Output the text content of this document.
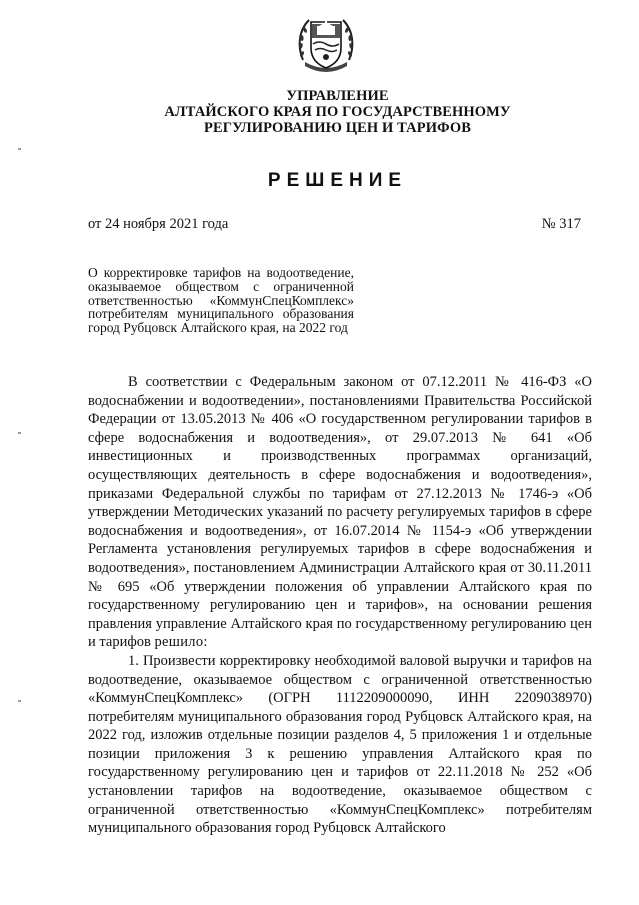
УПРАВЛЕНИЕ
АЛТАЙСКОГО КРАЯ ПО ГОСУДАРСТВЕННОМУ
РЕГУЛИРОВАНИЮ ЦЕН И ТАРИФОВ
РЕШЕНИЕ
от 24 ноября 2021 года	№ 317
О корректировке тарифов на водоотведение, оказываемое обществом с ограниченной ответственностью «КоммунСпецКомплекс» потребителям муниципального образования город Рубцовск Алтайского края, на 2022 год

В соответствии с Федеральным законом от 07.12.2011 № 416-ФЗ «О водоснабжении и водоотведении», постановлениями Правительства Российской Федерации от 13.05.2013 № 406 «О государственном регулировании тарифов в сфере водоснабжения и водоотведения», от 29.07.2013 № 641 «Об инвестиционных и производственных программах организаций, осуществляющих деятельность в сфере водоснабжения и водоотведения», приказами Федеральной службы по тарифам от 27.12.2013 № 1746-э «Об утверждении Методических указаний по расчету регулируемых тарифов в сфере водоснабжения и водоотведения», от 16.07.2014 № 1154-э «Об утверждении Регламента установления регулируемых тарифов в сфере водоснабжения и водоотведения», постановлением Администрации Алтайского края от 30.11.2011 № 695 «Об утверждении положения об управлении Алтайского края по государственному регулированию цен и тарифов», на основании решения правления управление Алтайского края по государственному регулированию цен и тарифов решило:

1. Произвести корректировку необходимой валовой выручки и тарифов на водоотведение, оказываемое обществом с ограниченной ответственностью «КоммунСпецКомплекс» (ОГРН 1112209000090, ИНН 2209038970) потребителям муниципального образования город Рубцовск Алтайского края, на 2022 год, изложив отдельные позиции разделов 4, 5 приложения 1 и отдельные позиции приложения 3 к решению управления Алтайского края по государственному регулированию цен и тарифов от 22.11.2018 № 252 «Об установлении тарифов на водоотведение, оказываемое обществом с ограниченной ответственностью «КоммунСпецКомплекс» потребителям муниципального образования город Рубцовск Алтайского
